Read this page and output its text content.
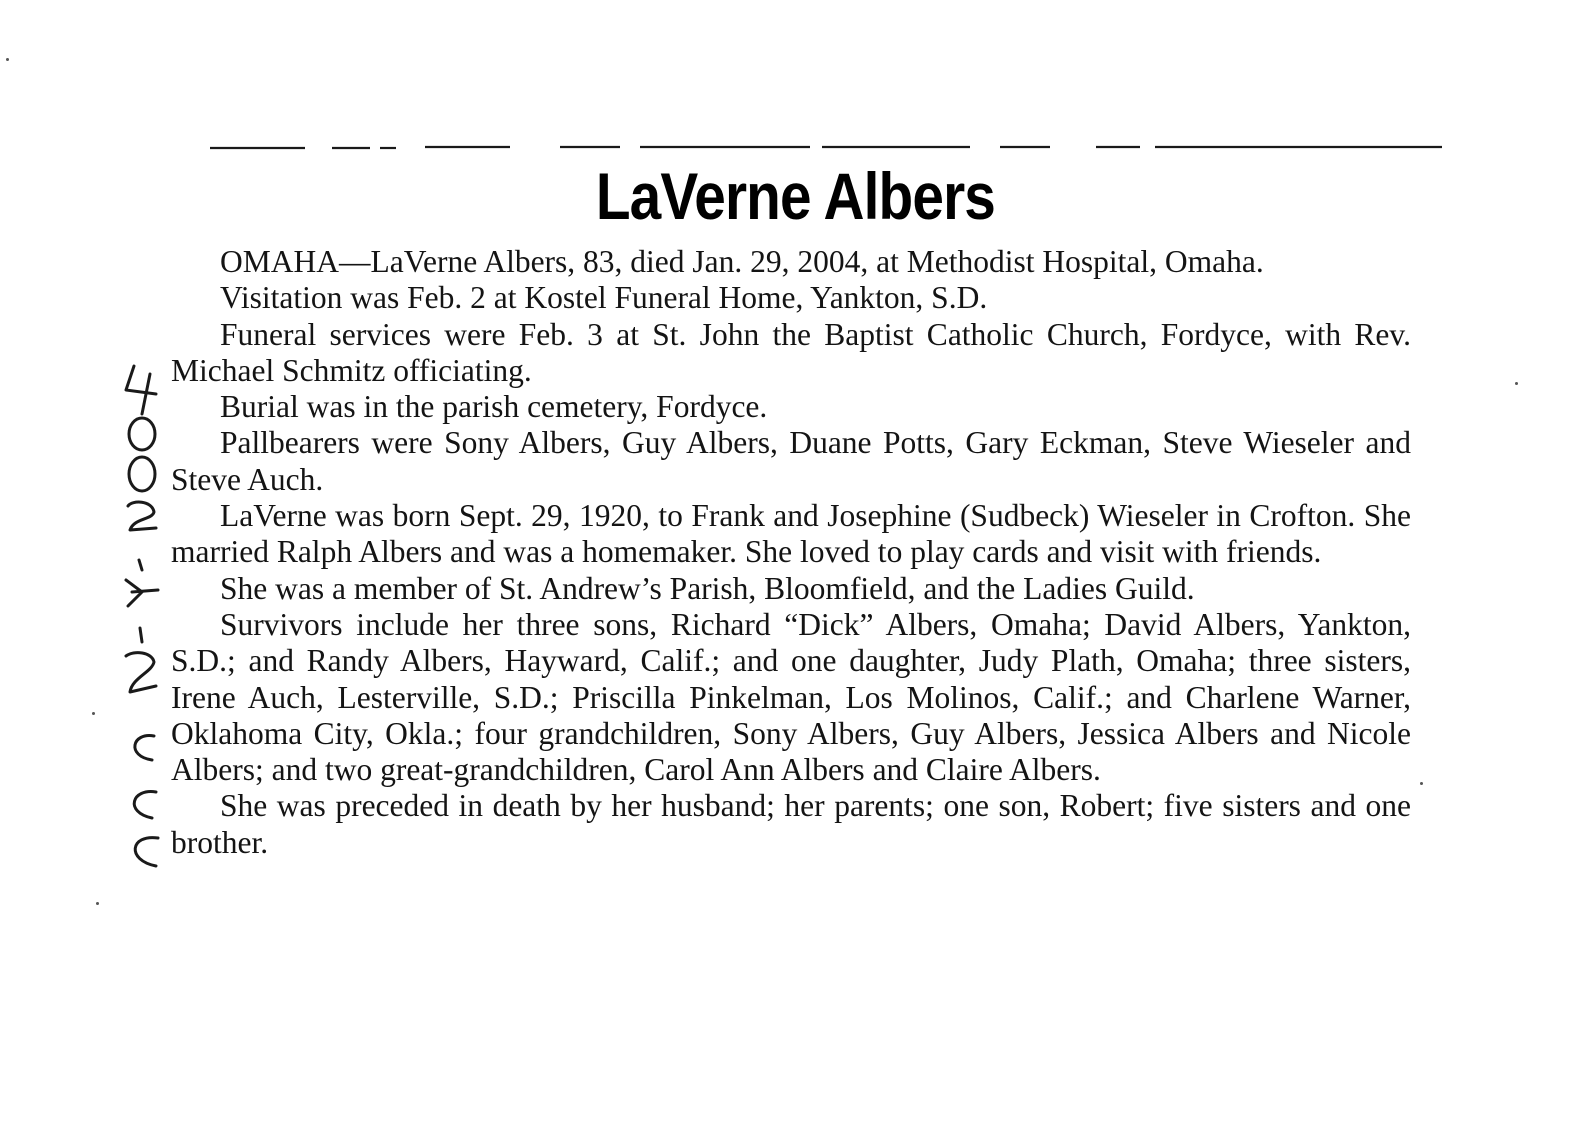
LaVerne Albers

OMAHA—LaVerne Albers, 83, died Jan. 29, 2004, at Methodist Hospital, Omaha.

Visitation was Feb. 2 at Kostel Funeral Home, Yankton, S.D.

Funeral services were Feb. 3 at St. John the Baptist Catholic Church, Fordyce, with Rev. Michael Schmitz officiating.

Burial was in the parish cemetery, Fordyce.

Pallbearers were Sony Albers, Guy Albers, Duane Potts, Gary Eckman, Steve Wieseler and Steve Auch.

LaVerne was born Sept. 29, 1920, to Frank and Josephine (Sudbeck) Wieseler in Crofton. She married Ralph Albers and was a homemaker. She loved to play cards and visit with friends.

She was a member of St. Andrew’s Parish, Bloomfield, and the Ladies Guild.

Survivors include her three sons, Richard “Dick” Albers, Omaha; David Albers, Yankton, S.D.; and Randy Albers, Hayward, Calif.; and one daughter, Judy Plath, Omaha; three sisters, Irene Auch, Lesterville, S.D.; Priscilla Pinkelman, Los Molinos, Calif.; and Charlene Warner, Oklahoma City, Okla.; four grandchildren, Sony Albers, Guy Albers, Jessica Albers and Nicole Albers; and two great-grandchildren, Carol Ann Albers and Claire Albers.

She was preceded in death by her husband; her parents; one son, Robert; five sisters and one brother.
